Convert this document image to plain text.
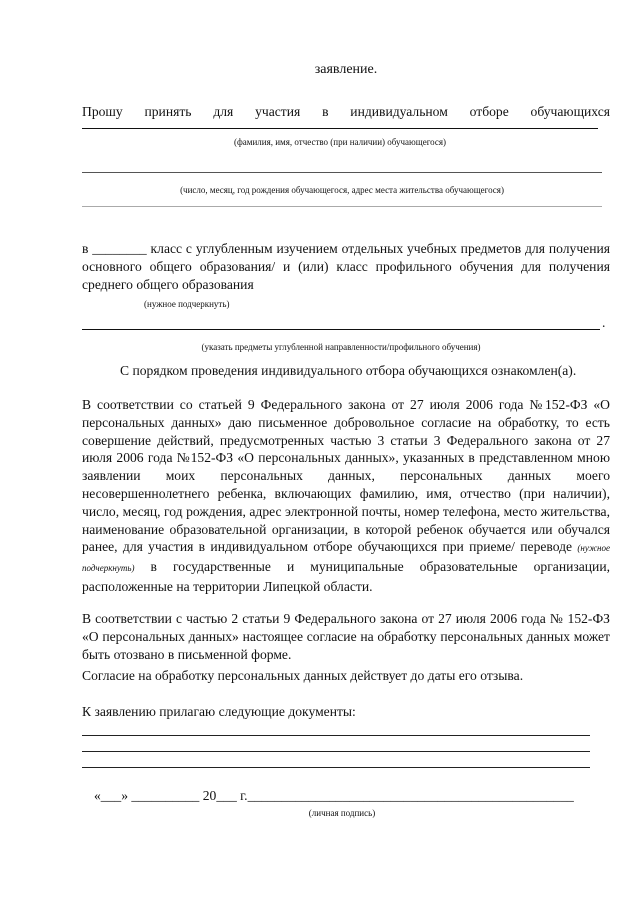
заявление.
Прошу принять для участия в индивидуальном отборе обучающихся
(фамилия, имя, отчество (при наличии) обучающегося)
(число, месяц, год рождения обучающегося, адрес места жительства обучающегося)
в ________ класс с углубленным изучением отдельных учебных предметов для получения основного общего образования/ и (или) класс профильного обучения для получения среднего общего образования
(нужное подчеркнуть)
.
(указать предметы углубленной направленности/профильного обучения)
С порядком проведения индивидуального отбора обучающихся ознакомлен(а).
В соответствии со статьей 9 Федерального закона от 27 июля 2006 года №152-ФЗ «О персональных данных» даю письменное добровольное согласие на обработку, то есть совершение действий, предусмотренных частью 3 статьи 3 Федерального закона от 27 июля 2006 года №152-ФЗ «О персональных данных», указанных в представленном мною заявлении моих персональных данных, персональных данных моего несовершеннолетнего ребенка, включающих фамилию, имя, отчество (при наличии), число, месяц, год рождения, адрес электронной почты, номер телефона, место жительства, наименование образовательной организации, в которой ребенок обучается или обучался ранее, для участия в индивидуальном отборе обучающихся при приеме/ переводе (нужное подчеркнуть) в государственные и муниципальные образовательные организации, расположенные на территории Липецкой области.
В соответствии с частью 2 статьи 9 Федерального закона от 27 июля 2006 года № 152-ФЗ «О персональных данных» настоящее согласие на обработку персональных данных может быть отозвано в письменной форме.
Согласие на обработку персональных данных действует до даты его отзыва.
К заявлению прилагаю следующие документы:
«___» __________ 20___ г.________________________________________________
(личная подпись)
